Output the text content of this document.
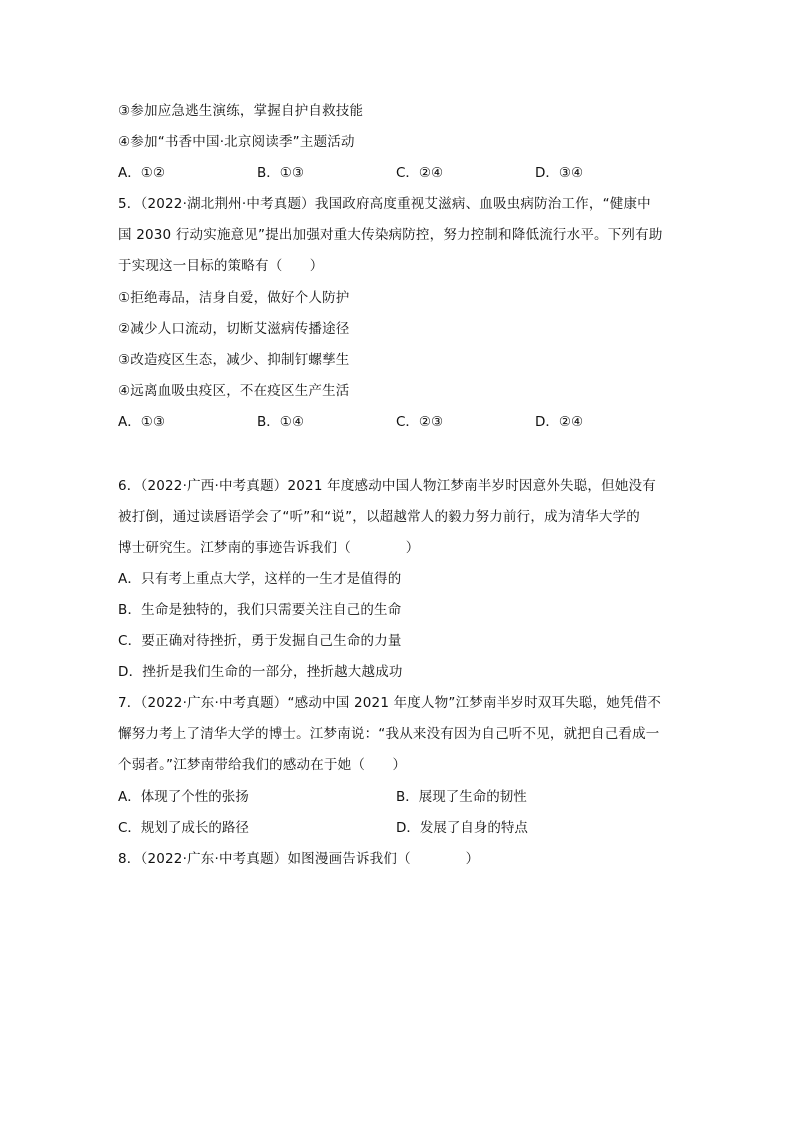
③参加应急逃生演练，掌握自护自救技能
④参加“书香中国·北京阅读季”主题活动
A．①②	B．①③	C．②④	D．③④
5．（2022·湖北荆州·中考真题）我国政府高度重视艾滋病、血吸虫病防治工作，“健康中
国 2030 行动实施意见”提出加强对重大传染病防控，努力控制和降低流行水平。下列有助
于实现这一目标的策略有（　　）
①拒绝毒品，洁身自爱，做好个人防护
②减少人口流动，切断艾滋病传播途径
③改造疫区生态，减少、抑制钉螺孳生
④远离血吸虫疫区，不在疫区生产生活
A．①③	B．①④	C．②③	D．②④
6．（2022·广西·中考真题）2021 年度感动中国人物江梦南半岁时因意外失聪，但她没有
被打倒，通过读唇语学会了“听”和“说”，以超越常人的毅力努力前行，成为清华大学的
博士研究生。江梦南的事迹告诉我们（　　　　）
A．只有考上重点大学，这样的一生才是值得的
B．生命是独特的，我们只需要关注自己的生命
C．要正确对待挫折，勇于发掘自己生命的力量
D．挫折是我们生命的一部分，挫折越大越成功
7．（2022·广东·中考真题）“感动中国 2021 年度人物”江梦南半岁时双耳失聪，她凭借不
懈努力考上了清华大学的博士。江梦南说：“我从来没有因为自己听不见，就把自己看成一
个弱者。”江梦南带给我们的感动在于她（　　）
A．体现了个性的张扬	B．展现了生命的韧性
C．规划了成长的路径	D．发展了自身的特点
8．（2022·广东·中考真题）如图漫画告诉我们（　　　　）
